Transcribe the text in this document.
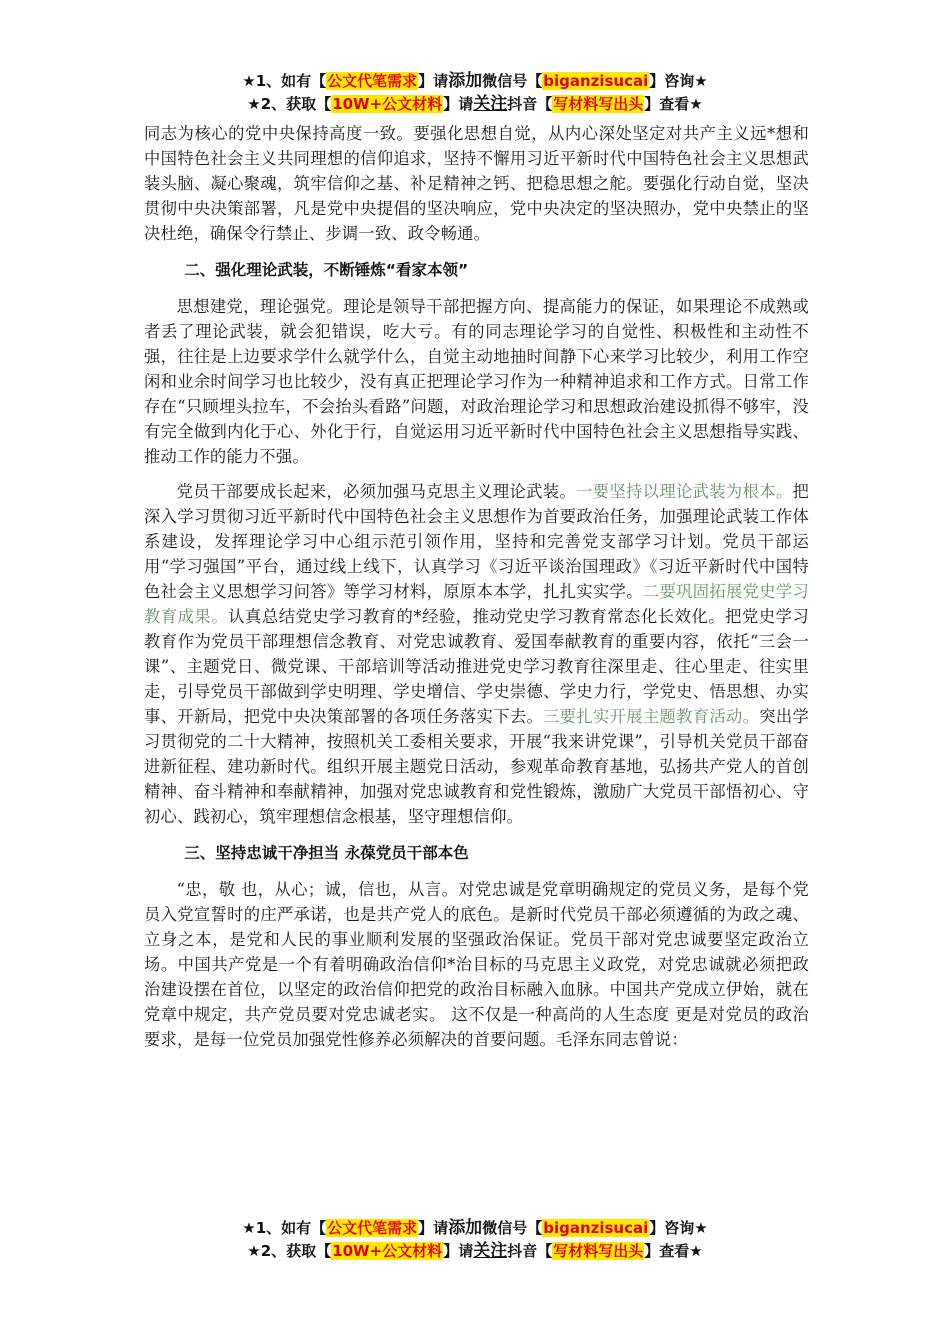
★1、如有【公文代笔需求】请添加微信号【biganzisucai】咨询★
★2、获取【10W+公文材料】请关注抖音【写材料写出头】查看★

同志为核心的党中央保持高度一致。要强化思想自觉，从内心深处坚定对共产主义远*想和中国特色社会主义共同理想的信仰追求，坚持不懈用习近平新时代中国特色社会主义思想武装头脑、凝心聚魂，筑牢信仰之基、补足精神之钙、把稳思想之舵。要强化行动自觉，坚决贯彻中央决策部署，凡是党中央提倡的坚决响应，党中央决定的坚决照办，党中央禁止的坚决杜绝，确保令行禁止、步调一致、政令畅通。

二、强化理论武装，不断锤炼“看家本领”

思想建党，理论强党。理论是领导干部把握方向、提高能力的保证，如果理论不成熟或者丢了理论武装，就会犯错误，吃大亏。有的同志理论学习的自觉性、积极性和主动性不强，往往是上边要求学什么就学什么，自觉主动地抽时间静下心来学习比较少，利用工作空闲和业余时间学习也比较少，没有真正把理论学习作为一种精神追求和工作方式。日常工作存在“只顾埋头拉车，不会抬头看路”问题，对政治理论学习和思想政治建设抓得不够牢，没有完全做到内化于心、外化于行，自觉运用习近平新时代中国特色社会主义思想指导实践、推动工作的能力不强。

党员干部要成长起来，必须加强马克思主义理论武装。一要坚持以理论武装为根本。把深入学习贯彻习近平新时代中国特色社会主义思想作为首要政治任务，加强理论武装工作体系建设，发挥理论学习中心组示范引领作用，坚持和完善党支部学习计划。党员干部运用“学习强国”平台，通过线上线下，认真学习《习近平谈治国理政》《习近平新时代中国特色社会主义思想学习问答》等学习材料，原原本本学，扎扎实实学。二要巩固拓展党史学习教育成果。认真总结党史学习教育的*经验，推动党史学习教育常态化长效化。把党史学习教育作为党员干部理想信念教育、对党忠诚教育、爱国奉献教育的重要内容，依托“三会一课”、主题党日、微党课、干部培训等活动推进党史学习教育往深里走、往心里走、往实里走，引导党员干部做到学史明理、学史增信、学史崇德、学史力行，学党史、悟思想、办实事、开新局，把党中央决策部署的各项任务落实下去。三要扎实开展主题教育活动。突出学习贯彻党的二十大精神，按照机关工委相关要求，开展“我来讲党课”，引导机关党员干部奋进新征程、建功新时代。组织开展主题党日活动，参观革命教育基地，弘扬共产党人的首创精神、奋斗精神和奉献精神，加强对党忠诚教育和党性锻炼，激励广大党员干部悟初心、守初心、践初心，筑牢理想信念根基，坚守理想信仰。

三、坚持忠诚干净担当 永葆党员干部本色

“忠，敬 也，从心；诚，信也，从言。对党忠诚是党章明确规定的党员义务，是每个党员入党宣誓时的庄严承诺，也是共产党人的底色。是新时代党员干部必须遵循的为政之魂、立身之本，是党和人民的事业顺利发展的坚强政治保证。党员干部对党忠诚要坚定政治立场。中国共产党是一个有着明确政治信仰*治目标的马克思主义政党，对党忠诚就必须把政治建设摆在首位，以坚定的政治信仰把党的政治目标融入血脉。中国共产党成立伊始，就在党章中规定，共产党员要对党忠诚老实。 这不仅是一种高尚的人生态度 更是对党员的政治要求，是每一位党员加强党性修养必须解决的首要问题。毛泽东同志曾说：

★1、如有【公文代笔需求】请添加微信号【biganzisucai】咨询★
★2、获取【10W+公文材料】请关注抖音【写材料写出头】查看★
